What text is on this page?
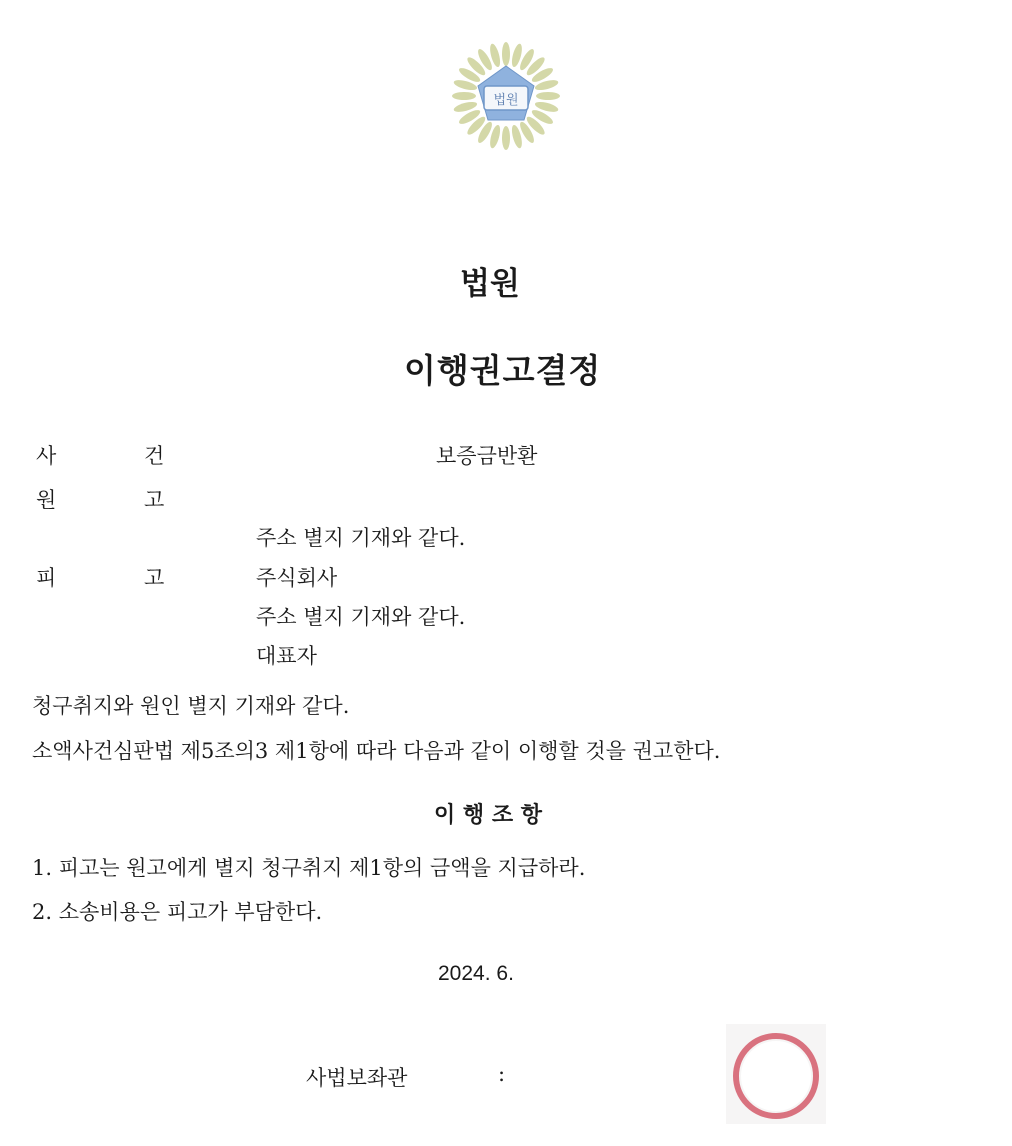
법원
법원
이행권고결정
사	건	보증금반환
원	고
주소 별지 기재와 같다.
피	고	주식회사
주소 별지 기재와 같다.
대표자
청구취지와 원인 별지 기재와 같다.
소액사건심판법 제5조의3 제1항에 따라 다음과 같이 이행할 것을 권고한다.
이 행 조 항
1. 피고는 원고에게 별지 청구취지 제1항의 금액을 지급하라.
2. 소송비용은 피고가 부담한다.
2024. 6.
사법보좌관	:
